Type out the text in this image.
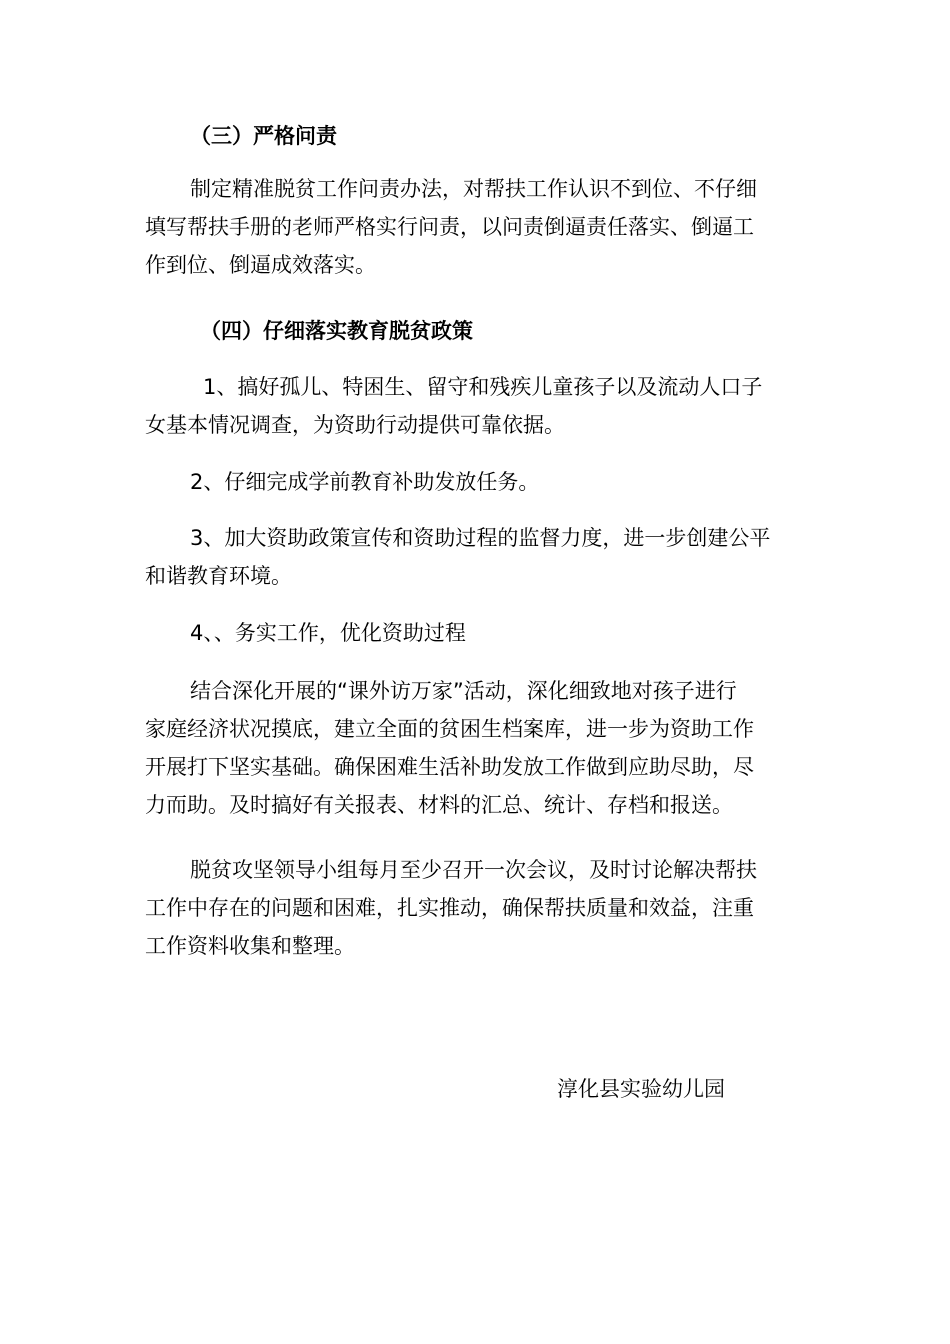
（三）严格问责
制定精准脱贫工作问责办法，对帮扶工作认识不到位、不仔细
填写帮扶手册的老师严格实行问责，以问责倒逼责任落实、倒逼工
作到位、倒逼成效落实。
（四）仔细落实教育脱贫政策
1、搞好孤儿、特困生、留守和残疾儿童孩子以及流动人口子
女基本情况调查，为资助行动提供可靠依据。
2、仔细完成学前教育补助发放任务。
3、加大资助政策宣传和资助过程的监督力度，进一步创建公平
和谐教育环境。
4、、务实工作，优化资助过程
结合深化开展的“课外访万家”活动，深化细致地对孩子进行
家庭经济状况摸底，建立全面的贫困生档案库，进一步为资助工作
开展打下坚实基础。确保困难生活补助发放工作做到应助尽助，尽
力而助。及时搞好有关报表、材料的汇总、统计、存档和报送。
脱贫攻坚领导小组每月至少召开一次会议，及时讨论解决帮扶
工作中存在的问题和困难，扎实推动，确保帮扶质量和效益，注重
工作资料收集和整理。
淳化县实验幼儿园
